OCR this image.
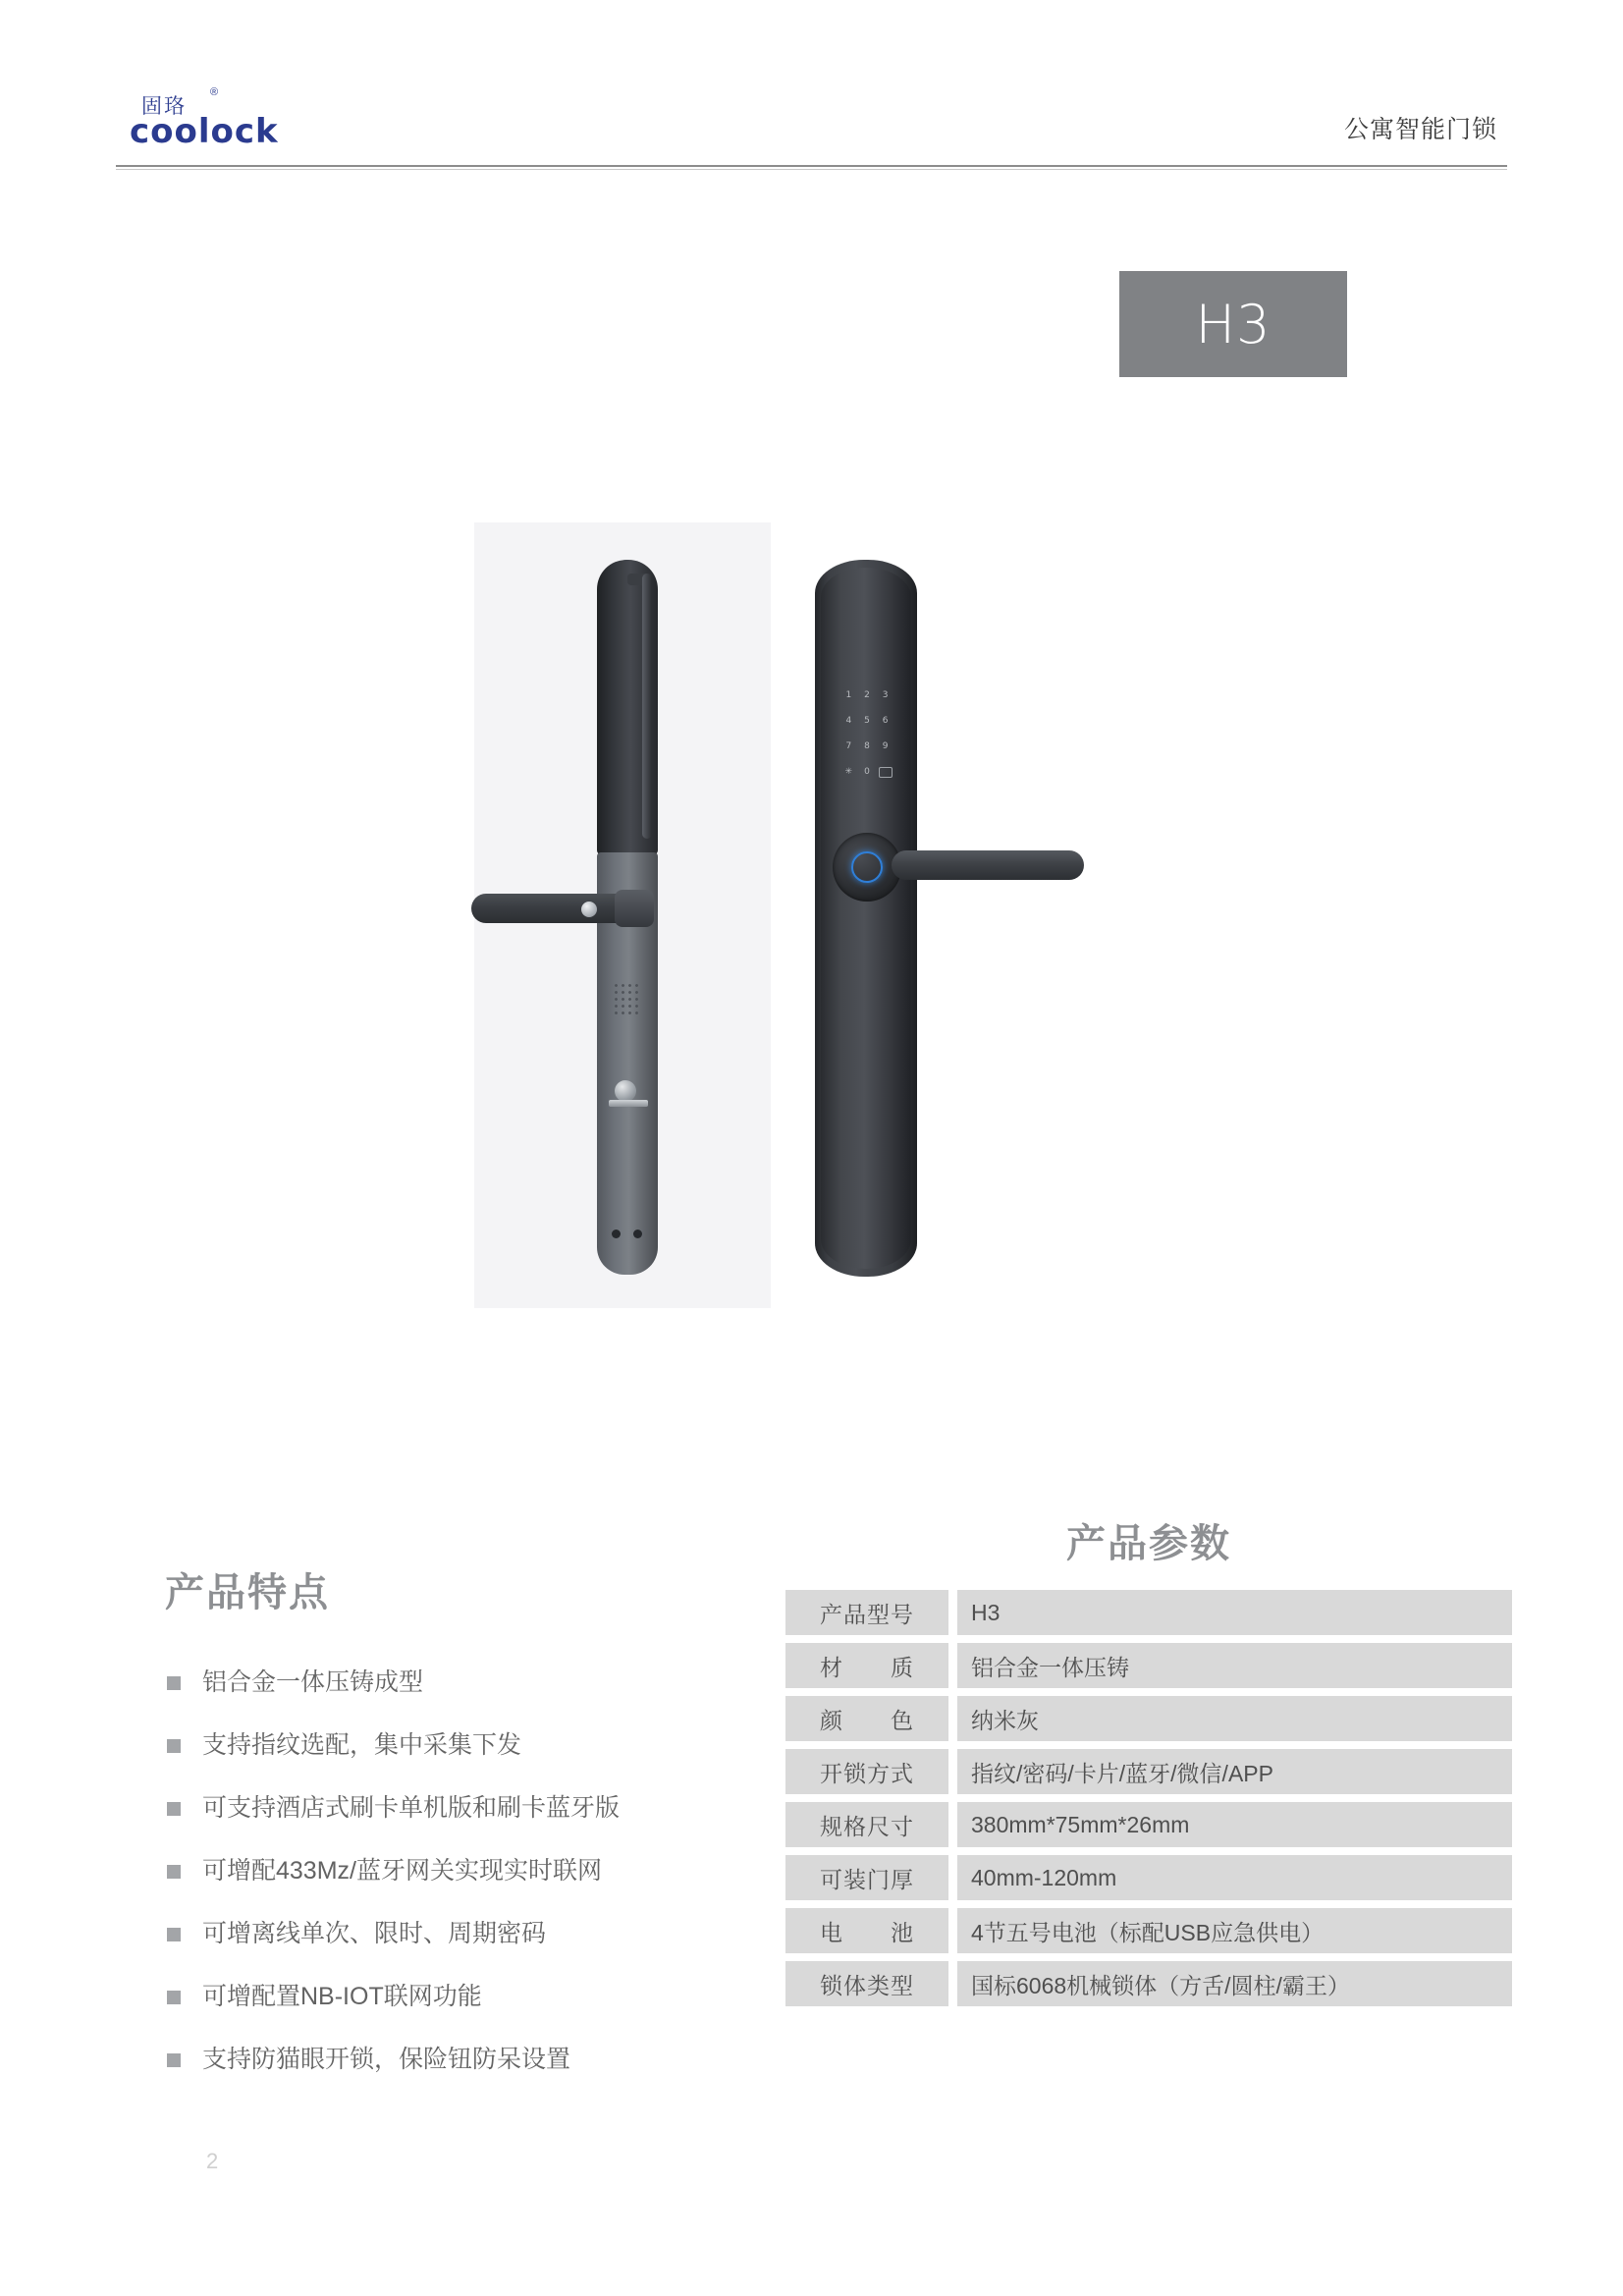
固珞
®
coolock	公寓智能门锁
H3
1	2	3
4	5	6
7	8	9
✳	0
产品特点
铝合金一体压铸成型
支持指纹选配，集中采集下发
可支持酒店式刷卡单机版和刷卡蓝牙版
可增配433Mz/蓝牙网关实现实时联网
可增离线单次、限时、周期密码
可增配置NB-IOT联网功能
支持防猫眼开锁，保险钮防呆设置
产品参数
产品型号	H3
材　　质	铝合金一体压铸
颜　　色	纳米灰
开锁方式	指纹/密码/卡片/蓝牙/微信/APP
规格尺寸	380mm*75mm*26mm
可装门厚	40mm-120mm
电　　池	4节五号电池（标配USB应急供电）
锁体类型	国标6068机械锁体（方舌/圆柱/霸王）
2
